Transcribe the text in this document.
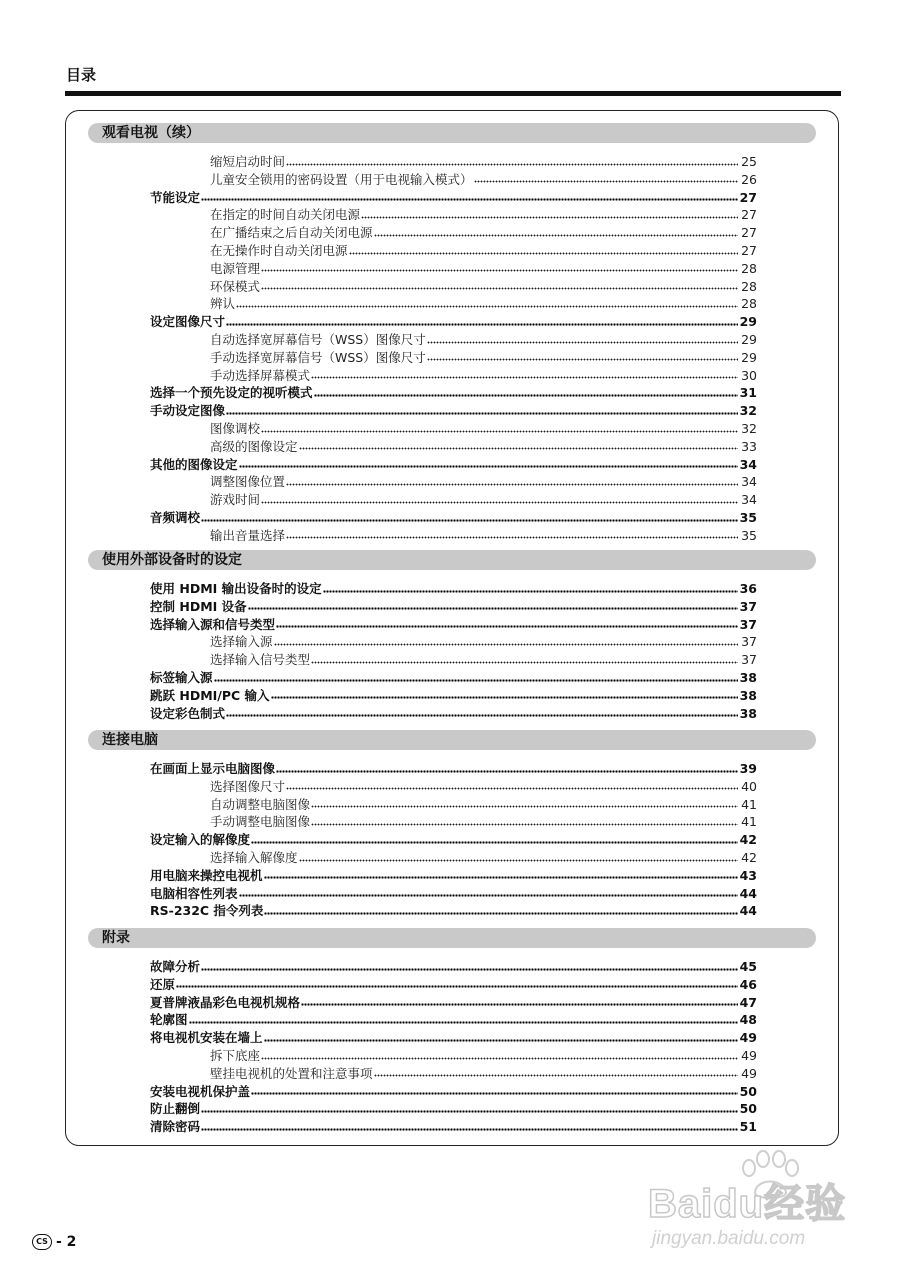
目录
观看电视（续）
缩短启动时间	25
儿童安全锁用的密码设置（用于电视输入模式）	26
节能设定	27
在指定的时间自动关闭电源	27
在广播结束之后自动关闭电源	27
在无操作时自动关闭电源	27
电源管理	28
环保模式	28
辨认	28
设定图像尺寸	29
自动选择宽屏幕信号（WSS）图像尺寸	29
手动选择宽屏幕信号（WSS）图像尺寸	29
手动选择屏幕模式	30
选择一个预先设定的视听模式	31
手动设定图像	32
图像调校	32
高级的图像设定	33
其他的图像设定	34
调整图像位置	34
游戏时间	34
音频调校	35
输出音量选择	35
使用外部设备时的设定
使用 HDMI 输出设备时的设定	36
控制 HDMI 设备	37
选择输入源和信号类型	37
选择输入源	37
选择输入信号类型	37
标签输入源	38
跳跃 HDMI/PC 输入	38
设定彩色制式	38
连接电脑
在画面上显示电脑图像	39
选择图像尺寸	40
自动调整电脑图像	41
手动调整电脑图像	41
设定输入的解像度	42
选择输入解像度	42
用电脑来操控电视机	43
电脑相容性列表	44
RS-232C 指令列表	44
附录
故障分析	45
还原	46
夏普牌液晶彩色电视机规格	47
轮廓图	48
将电视机安装在墙上	49
拆下底座	49
壁挂电视机的处置和注意事项	49
安装电视机保护盖	50
防止翻倒	50
清除密码	51
Baidu经验
jingyan.baidu.com
CS - 2
